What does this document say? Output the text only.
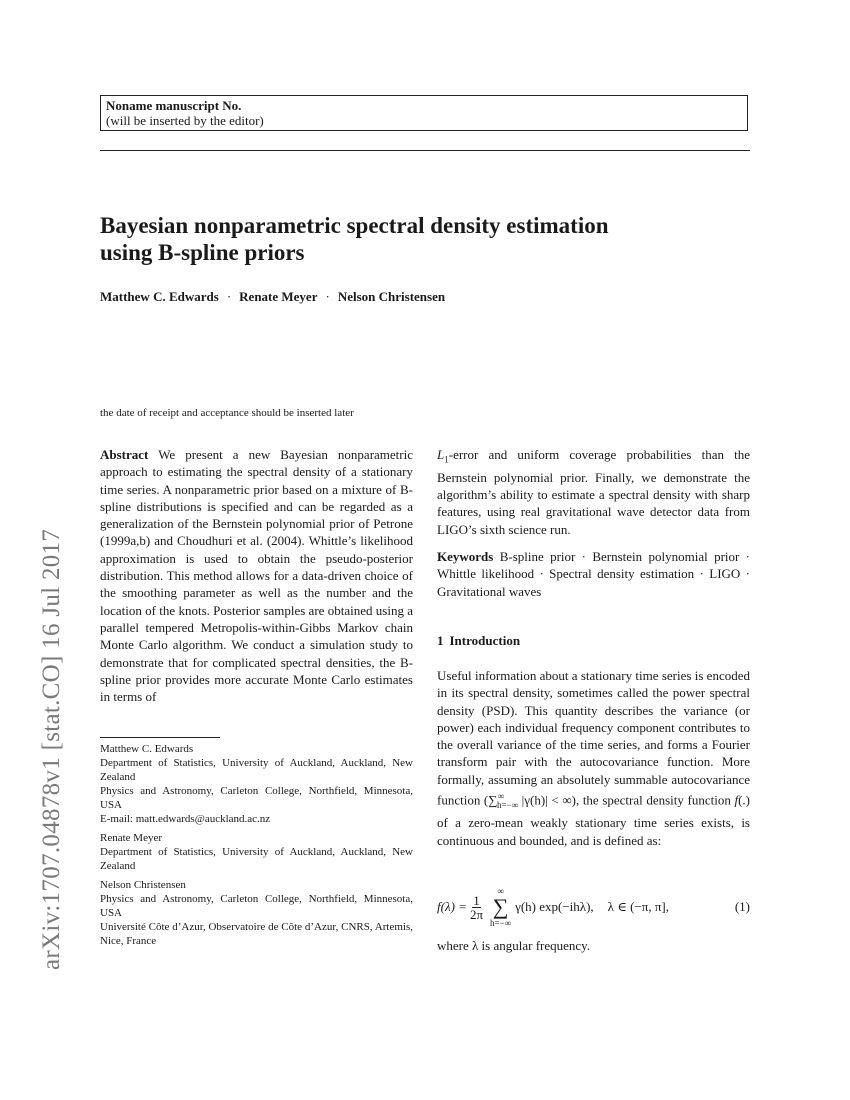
Noname manuscript No.
(will be inserted by the editor)
Bayesian nonparametric spectral density estimation
using B-spline priors
Matthew C. Edwards · Renate Meyer · Nelson Christensen
the date of receipt and acceptance should be inserted later
arXiv:1707.04878v1 [stat.CO] 16 Jul 2017
Abstract We present a new Bayesian nonparametric approach to estimating the spectral density of a stationary time series. A nonparametric prior based on a mixture of B-spline distributions is specified and can be regarded as a generalization of the Bernstein polynomial prior of Petrone (1999a,b) and Choudhuri et al. (2004). Whittle’s likelihood approximation is used to obtain the pseudo-posterior distribution. This method allows for a data-driven choice of the smoothing parameter as well as the number and the location of the knots. Posterior samples are obtained using a parallel tempered Metropolis-within-Gibbs Markov chain Monte Carlo algorithm. We conduct a simulation study to demonstrate that for complicated spectral densities, the B-spline prior provides more accurate Monte Carlo estimates in terms of
Matthew C. Edwards
Department of Statistics, University of Auckland, Auckland, New Zealand
Physics and Astronomy, Carleton College, Northfield, Minnesota, USA
E-mail: matt.edwards@auckland.ac.nz
Renate Meyer
Department of Statistics, University of Auckland, Auckland, New Zealand
Nelson Christensen
Physics and Astronomy, Carleton College, Northfield, Minnesota, USA
Université Côte d’Azur, Observatoire de Côte d’Azur, CNRS, Artemis, Nice, France
$L_1$-error and uniform coverage probabilities than the Bernstein polynomial prior. Finally, we demonstrate the algorithm’s ability to estimate a spectral density with sharp features, using real gravitational wave detector data from LIGO’s sixth science run.
Keywords B-spline prior · Bernstein polynomial prior · Whittle likelihood · Spectral density estimation · LIGO · Gravitational waves
1 Introduction
Useful information about a stationary time series is encoded in its spectral density, sometimes called the power spectral density (PSD). This quantity describes the variance (or power) each individual frequency component contributes to the overall variance of the time series, and forms a Fourier transform pair with the autocovariance function. More formally, assuming an absolutely summable autocovariance function ($\sum^\infty_{h=-\infty}$ |γ(h)| < ∞), the spectral density function f(.) of a zero-mean weakly stationary time series exists, is continuous and bounded, and is defined as:
$f(\lambda) = \frac{1}{2\pi}$
∞
∑
h=−∞
γ(h) exp(−ihλ), λ ∈ (−π, π],	(1)
where λ is angular frequency.
